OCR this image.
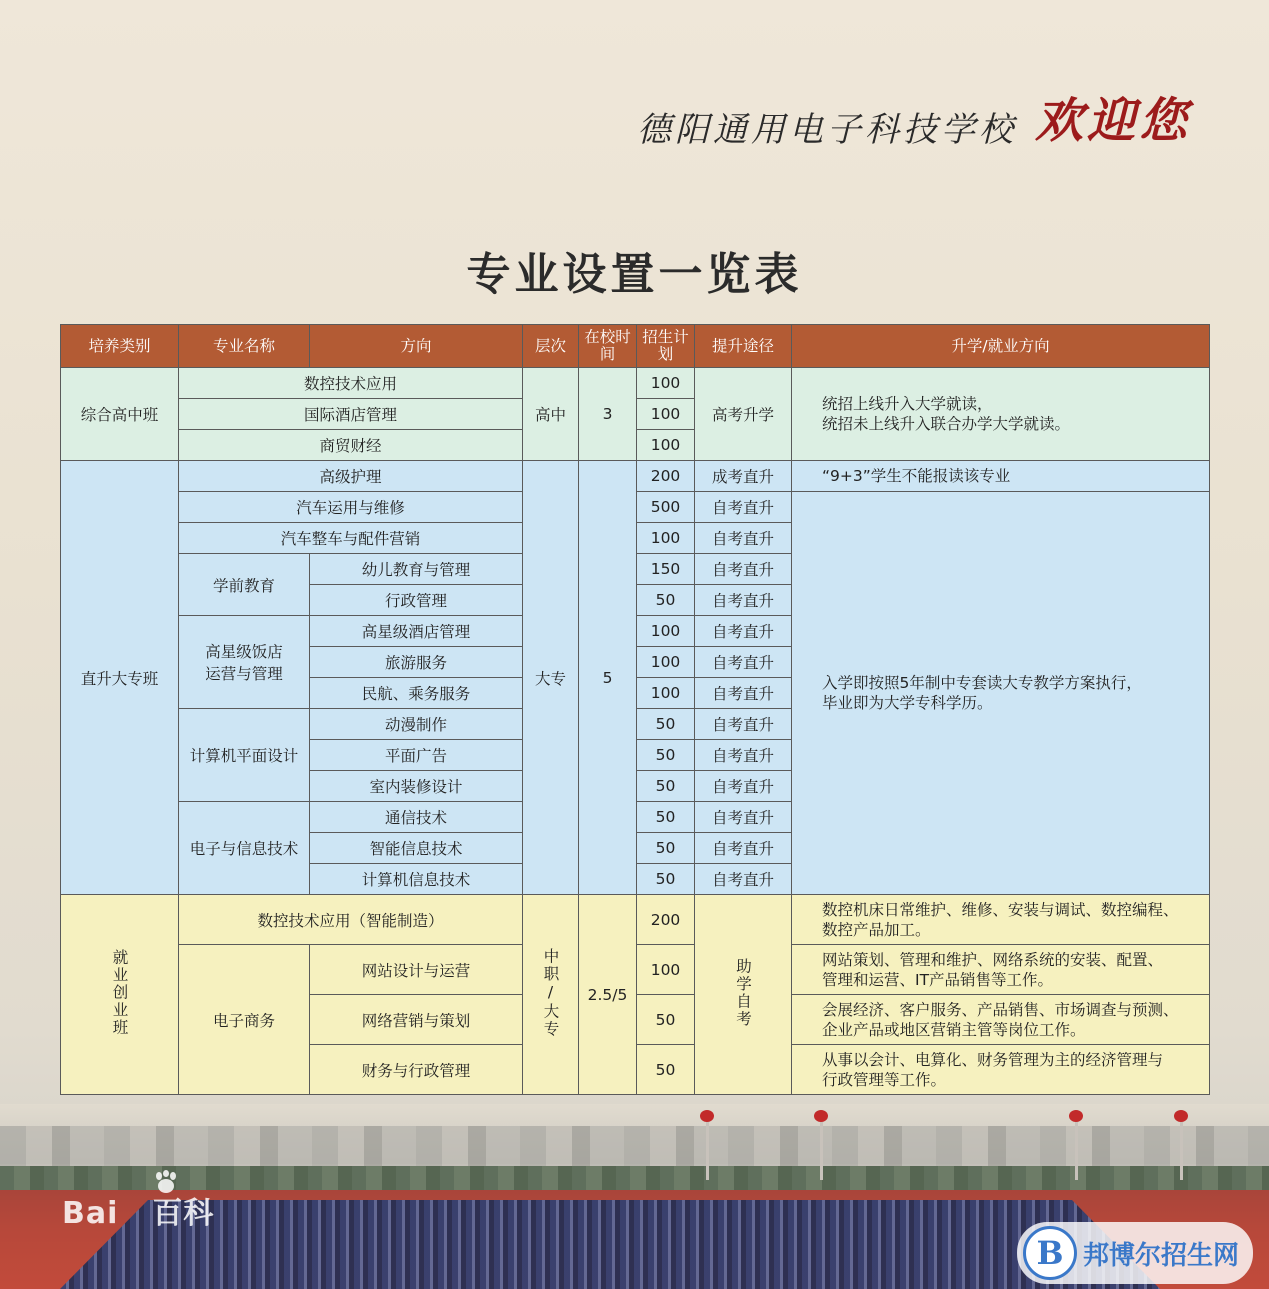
德阳通用电子科技学校 欢迎您
专业设置一览表
培养类别	专业名称	方向	层次	在校时间	招生计划	提升途径	升学/就业方向
综合高中班	数控技术应用		高中	3	100	高考升学	统招上线升入大学就读，
统招未上线升入联合办学大学就读。
	国际酒店管理				100		
	商贸财经				100		
直升大专班	高级护理		大专	5	200	成考直升	“9+3”学生不能报读该专业
	汽车运用与维修				500	自考直升	入学即按照5年制中专套读大专教学方案执行，
毕业即为大学专科学历。
	汽车整车与配件营销				100	自考直升	
	学前教育	幼儿教育与管理			150	自考直升	
		行政管理			50	自考直升	

	高星级饭店
运营与管理	高星级酒店管理			100	自考直升	
		旅游服务			100	自考直升	
		民航、乘务服务			100	自考直升	
	计算机平面设计	动漫制作			50	自考直升	
		平面广告			50	自考直升	
		室内装修设计			50	自考直升	
	电子与信息技术	通信技术			50	自考直升	
		智能信息技术			50	自考直升	
		计算机信息技术			50	自考直升	
就业创业班	数控技术应用（智能制造）		中职/大专	2.5/5	200	助学自考	数控机床日常维护、维修、安装与调试、数控编程、
数控产品加工。
	电子商务	网站设计与运营			100		网站策划、管理和维护、网络系统的安装、配置、
管理和运营、IT产品销售等工作。
		网络营销与策划			50		会展经济、客户服务、产品销售、市场调查与预测、
企业产品或地区营销主管等岗位工作。
		财务与行政管理			50		从事以会计、电算化、财务管理为主的经济管理与
行政管理等工作。
Bai 百科
B 邦博尔招生网
